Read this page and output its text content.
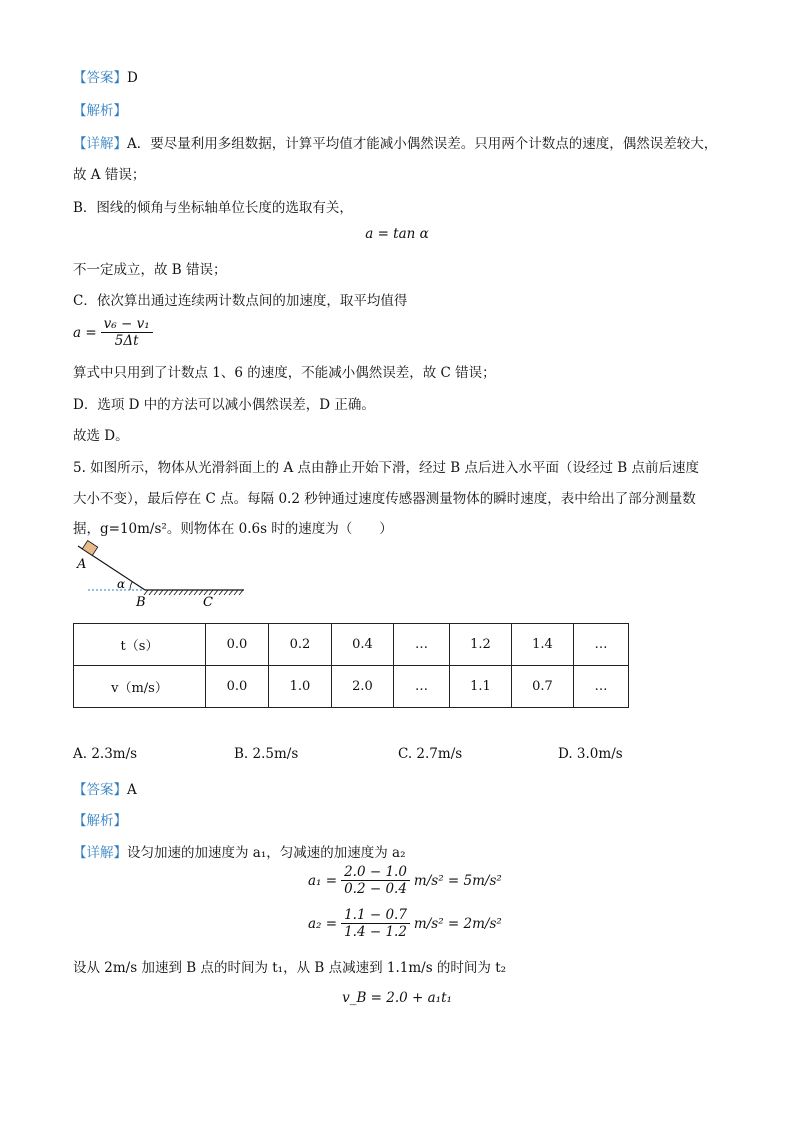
【答案】D
【解析】
【详解】A．要尽量利用多组数据，计算平均值才能减小偶然误差。只用两个计数点的速度，偶然误差较大，
故 A 错误；
B．图线的倾角与坐标轴单位长度的选取有关，
a = tan α
不一定成立，故 B 错误；
C．依次算出通过连续两计数点间的加速度，取平均值得
$a = \frac{\text{v₆ − v₁}}{5\Delta t}$
算式中只用到了计数点 1、6 的速度，不能减小偶然误差，故 C 错误；
D．选项 D 中的方法可以减小偶然误差，D 正确。
故选 D。
5. 如图所示，物体从光滑斜面上的 A 点由静止开始下滑，经过 B 点后进入水平面（设经过 B 点前后速度
大小不变），最后停在 C 点。每隔 0.2 秒钟通过速度传感器测量物体的瞬时速度，表中给出了部分测量数
据，g=10m/s²。则物体在 0.6s 时的速度为（　　）
A
α
B	C
t（s）	0.0	0.2	0.4	…	1.2	1.4	…
v（m/s）	0.0	1.0	2.0	…	1.1	0.7	…
A. 2.3m/s	B. 2.5m/s	C. 2.7m/s	D. 3.0m/s
【答案】A
【解析】
【详解】设匀加速的加速度为 a₁，匀减速的加速度为 a₂
$a_1 = \frac{2.0 - 1.0}{0.2 - 0.4} m/s^2 = 5m/s^2$
$a_2 = \frac{1.1 - 0.7}{1.4 - 1.2} m/s^2 = 2m/s^2$
设从 2m/s 加速到 B 点的时间为 t₁，从 B 点减速到 1.1m/s 的时间为 t₂
v_B = 2.0 + a₁t₁
